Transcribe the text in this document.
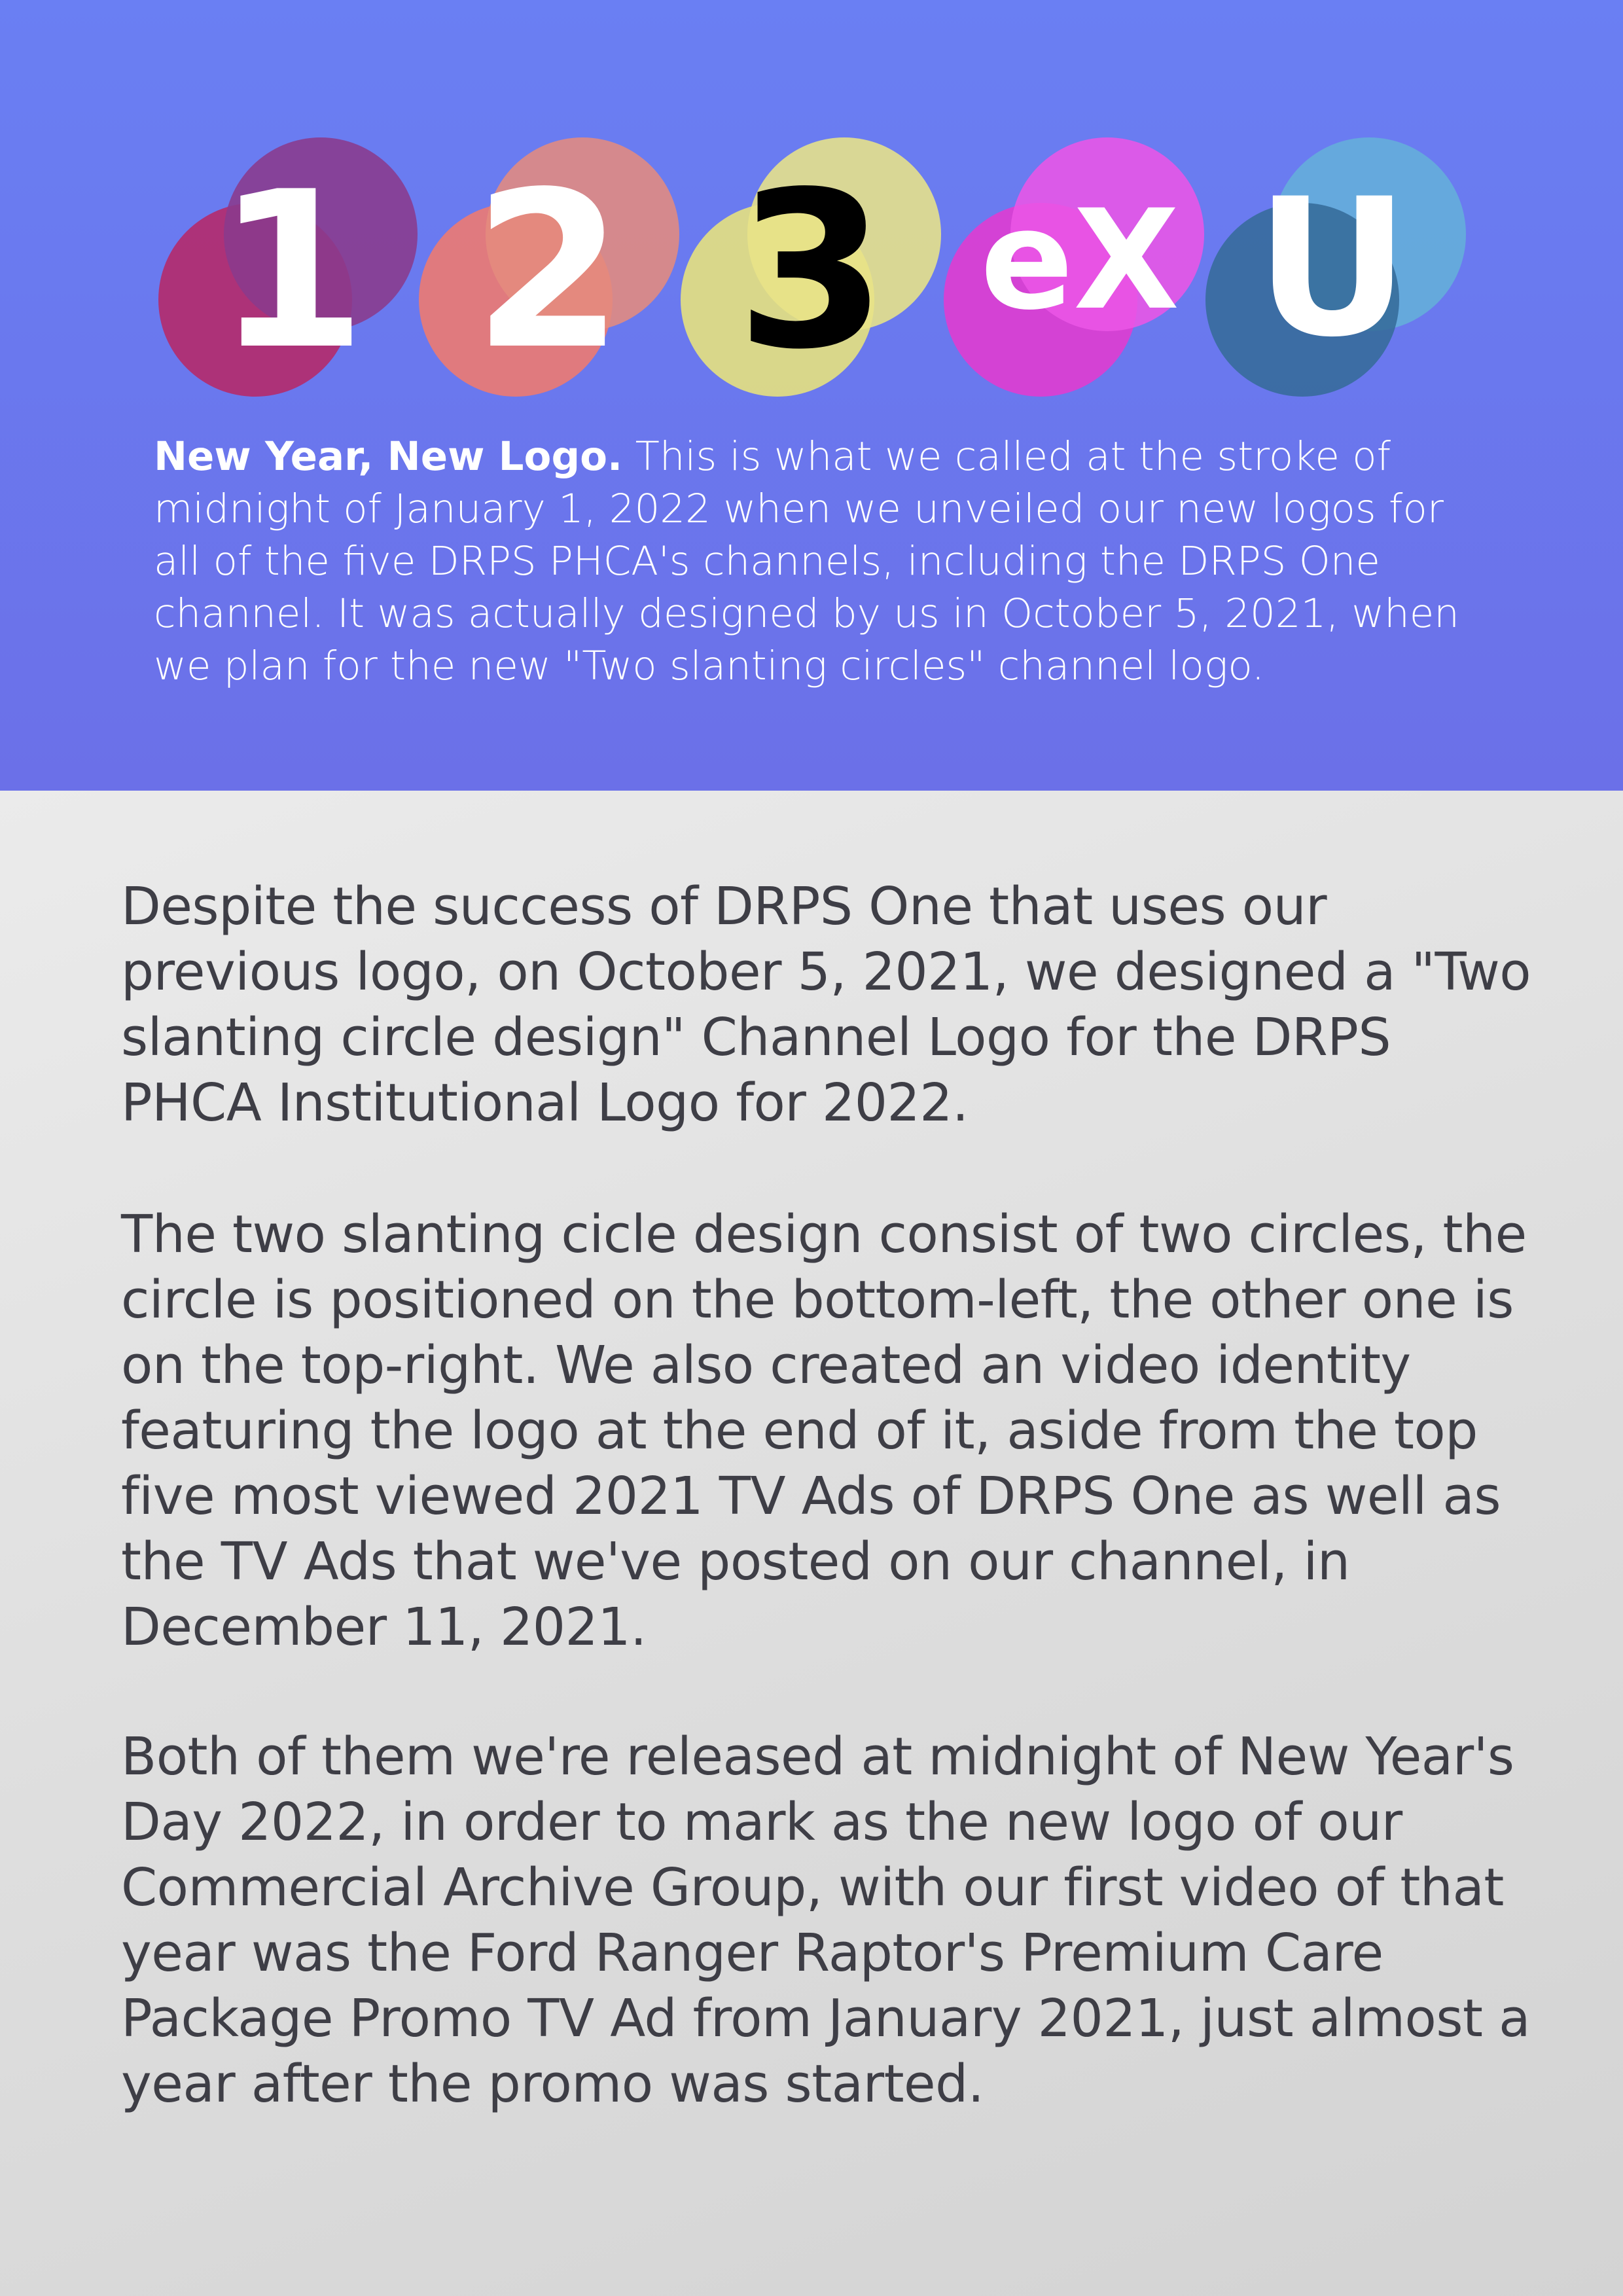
1 2 3 eX U

New Year, New Logo. This is what we called at the stroke of midnight of January 1, 2022 when we unveiled our new logos for all of the five DRPS PHCA's channels, including the DRPS One channel. It was actually designed by us in October 5, 2021, when we plan for the new "Two slanting circles" channel logo.

Despite the success of DRPS One that uses our previous logo, on October 5, 2021, we designed a "Two slanting circle design" Channel Logo for the DRPS PHCA Institutional Logo for 2022.

The two slanting cicle design consist of two circles, the circle is positioned on the bottom-left, the other one is on the top-right. We also created an video identity featuring the logo at the end of it, aside from the top five most viewed 2021 TV Ads of DRPS One as well as the TV Ads that we've posted on our channel, in December 11, 2021.

Both of them we're released at midnight of New Year's Day 2022, in order to mark as the new logo of our Commercial Archive Group, with our first video of that year was the Ford Ranger Raptor's Premium Care Package Promo TV Ad from January 2021, just almost a year after the promo was started.
